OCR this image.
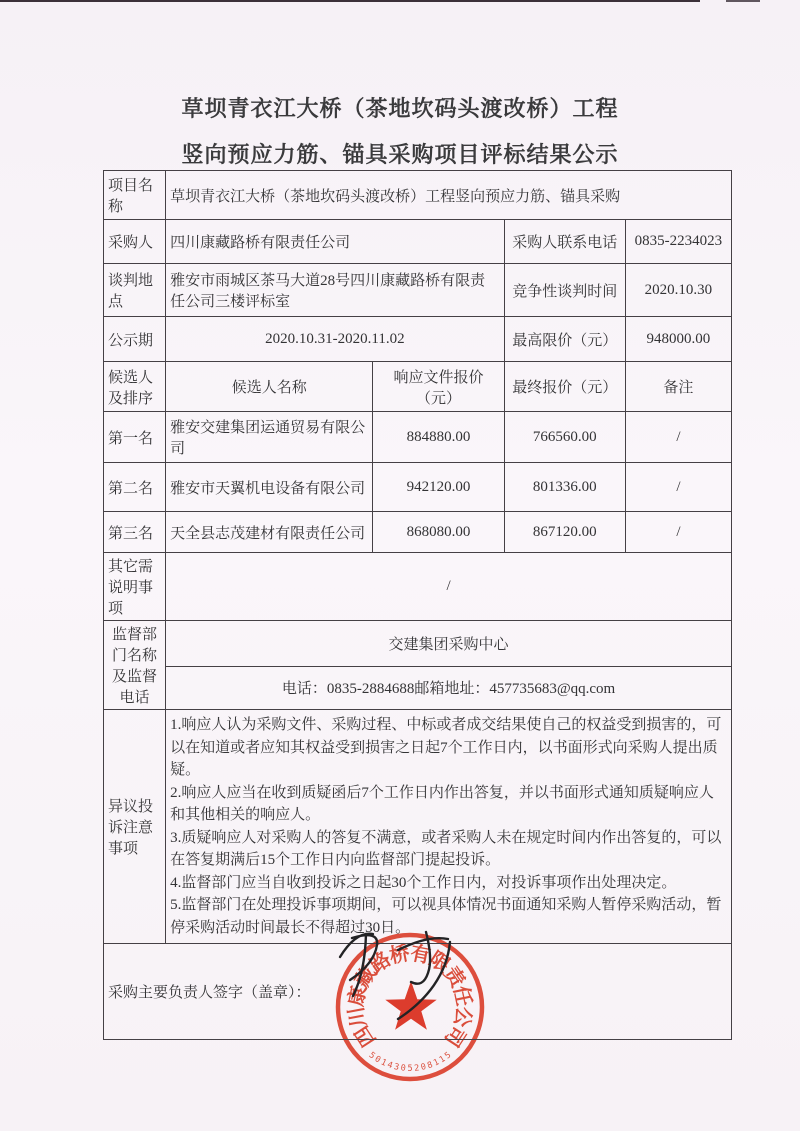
草坝青衣江大桥（茶地坎码头渡改桥）工程
竖向预应力筋、锚具采购项目评标结果公示
四
川
康
藏
路
桥
有
限
责
任
公
司
5
1
1
8
0
2
5
0
3
4
1
0
5
项目名称	草坝青衣江大桥（茶地坎码头渡改桥）工程竖向预应力筋、锚具采购			
采购人	四川康藏路桥有限责任公司		采购人联系电话	0835-2234023
谈判地点	雅安市雨城区茶马大道28号四川康藏路桥有限责任公司三楼评标室		竞争性谈判时间	2020.10.30
公示期	2020.10.31-2020.11.02		最高限价（元）	948000.00
候选人及排序	候选人名称	响应文件报价（元）	最终报价（元）	备注
第一名	雅安交建集团运通贸易有限公司	884880.00	766560.00	/
第二名	雅安市天翼机电设备有限公司	942120.00	801336.00	/
第三名	天全县志茂建材有限责任公司	868080.00	867120.00	/
其它需说明事项	/			
监督部门名称及监督电话	交建集团采购中心			
	电话：0835-2884688邮箱地址：457735683@qq.com			
异议投诉注意事项	1.响应人认为采购文件、采购过程、中标或者成交结果使自己的权益受到损害的，可以在知道或者应知其权益受到损害之日起7个工作日内，以书面形式向采购人提出质疑。
2.响应人应当在收到质疑函后7个工作日内作出答复，并以书面形式通知质疑响应人和其他相关的响应人。
3.质疑响应人对采购人的答复不满意，或者采购人未在规定时间内作出答复的，可以在答复期满后15个工作日内向监督部门提起投诉。
4.监督部门应当自收到投诉之日起30个工作日内，对投诉事项作出处理决定。
5.监督部门在处理投诉事项期间，可以视具体情况书面通知采购人暂停采购活动，暂停采购活动时间最长不得超过30日。			

采购主要负责人签字（盖章）：				
